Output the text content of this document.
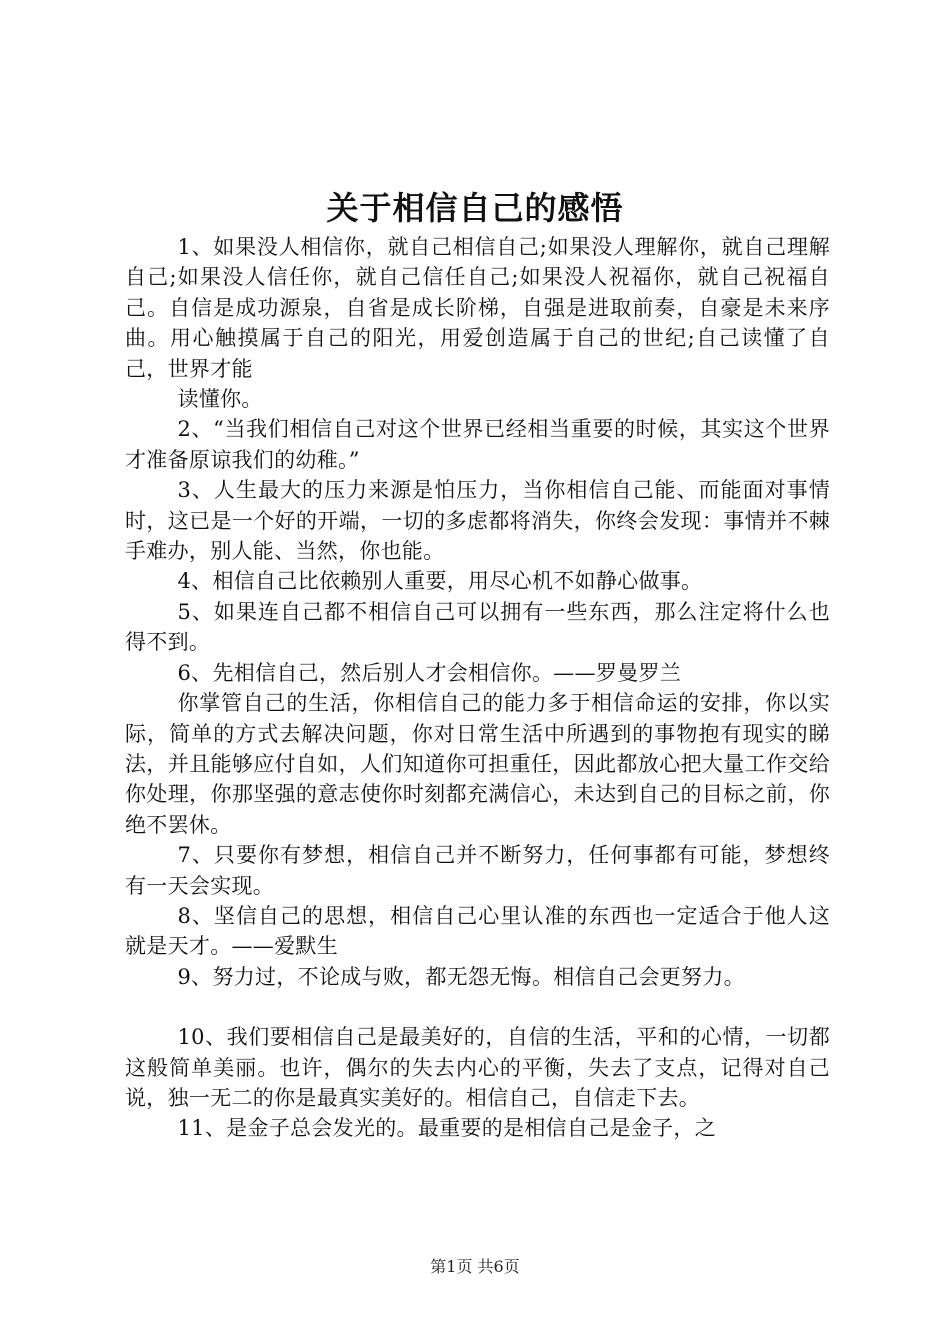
关于相信自己的感悟

1、如果没人相信你，就自己相信自己;如果没人理解你，就自己理解自己;如果没人信任你，就自己信任自己;如果没人祝福你，就自己祝福自己。自信是成功源泉，自省是成长阶梯，自强是进取前奏，自豪是未来序曲。用心触摸属于自己的阳光，用爱创造属于自己的世纪;自己读懂了自己，世界才能

读懂你。

2、“当我们相信自己对这个世界已经相当重要的时候，其实这个世界才准备原谅我们的幼稚。”

3、人生最大的压力来源是怕压力，当你相信自己能、而能面对事情时，这已是一个好的开端，一切的多虑都将消失，你终会发现：事情并不棘手难办，别人能、当然，你也能。

4、相信自己比依赖别人重要，用尽心机不如静心做事。

5、如果连自己都不相信自己可以拥有一些东西，那么注定将什么也得不到。

6、先相信自己，然后别人才会相信你。——罗曼罗兰

你掌管自己的生活，你相信自己的能力多于相信命运的安排，你以实际，简单的方式去解决问题，你对日常生活中所遇到的事物抱有现实的睇法，并且能够应付自如，人们知道你可担重任，因此都放心把大量工作交给你处理，你那坚强的意志使你时刻都充满信心，未达到自己的目标之前，你绝不罢休。

7、只要你有梦想，相信自己并不断努力，任何事都有可能，梦想终有一天会实现。

8、坚信自己的思想，相信自己心里认准的东西也一定适合于他人这就是天才。——爱默生

9、努力过，不论成与败，都无怨无悔。相信自己会更努力。

10、我们要相信自己是最美好的，自信的生活，平和的心情，一切都这般简单美丽。也许，偶尔的失去内心的平衡，失去了支点，记得对自己说，独一无二的你是最真实美好的。相信自己，自信走下去。

11、是金子总会发光的。最重要的是相信自己是金子，之

第1页 共6页
